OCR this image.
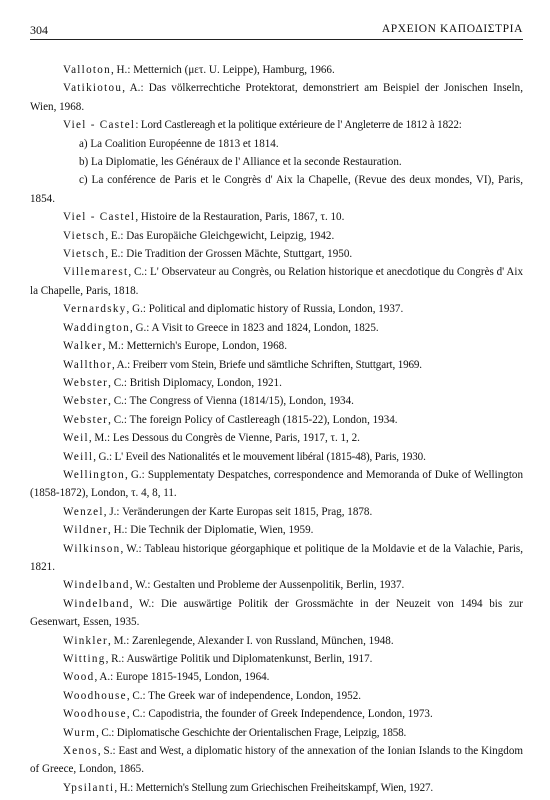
304	ΑΡΧΕΙΟΝ ΚΑΠΟΔΙΣΤΡΙΑ

Valloton, H.: Metternich (μετ. U. Leippe), Hamburg, 1966.

Vatikiotou, A.: Das völkerrechtiche Protektorat, demonstriert am Beispiel der Jonischen Inseln, Wien, 1968.

Viel - Castel: Lord Castlereagh et la politique extérieure de l' Angleterre de 1812 à 1822:

a) La Coalition Européenne de 1813 et 1814.

b) La Diplomatie, les Généraux de l' Alliance et la seconde Restauration.

c) La conférence de Paris et le Congrès d' Aix la Chapelle, (Revue des deux mondes, VI), Paris, 1854.

Viel - Castel, Histoire de la Restauration, Paris, 1867, τ. 10.

Vietsch, E.: Das Europäiche Gleichgewicht, Leipzig, 1942.

Vietsch, E.: Die Tradition der Grossen Mächte, Stuttgart, 1950.

Villemarest, C.: L' Observateur au Congrès, ou Relation historique et anecdotique du Congrès d' Aix la Chapelle, Paris, 1818.

Vernardsky, G.: Political and diplomatic history of Russia, London, 1937.

Waddington, G.: A Visit to Greece in 1823 and 1824, London, 1825.

Walker, M.: Metternich's Europe, London, 1968.

Wallthor, A.: Freiberr vom Stein, Briefe und sämtliche Schriften, Stuttgart, 1969.

Webster, C.: British Diplomacy, London, 1921.

Webster, C.: The Congress of Vienna (1814/15), London, 1934.

Webster, C.: The foreign Policy of Castlereagh (1815-22), London, 1934.

Weil, M.: Les Dessous du Congrès de Vienne, Paris, 1917, τ. 1, 2.

Weill, G.: L' Eveil des Nationalités et le mouvement libéral (1815-48), Paris, 1930.

Wellington, G.: Supplementaty Despatches, correspondence and Memoranda of Duke of Wellington (1858-1872), London, τ. 4, 8, 11.

Wenzel, J.: Veränderungen der Karte Europas seit 1815, Prag, 1878.

Wildner, H.: Die Technik der Diplomatie, Wien, 1959.

Wilkinson, W.: Tableau historique géorgaphique et politique de la Moldavie et de la Valachie, Paris, 1821.

Windelband, W.: Gestalten und Probleme der Aussenpolitik, Berlin, 1937.

Windelband, W.: Die auswärtige Politik der Grossmächte in der Neuzeit von 1494 bis zur Gesenwart, Essen, 1935.

Winkler, M.: Zarenlegende, Alexander I. von Russland, München, 1948.

Witting, R.: Auswärtige Politik und Diplomatenkunst, Berlin, 1917.

Wood, A.: Europe 1815-1945, London, 1964.

Woodhouse, C.: The Greek war of independence, London, 1952.

Woodhouse, C.: Capodistria, the founder of Greek Independence, London, 1973.

Wurm, C.: Diplomatische Geschichte der Orientalischen Frage, Leipzig, 1858.

Xenos, S.: East and West, a diplomatic history of the annexation of the Ionian Islands to the Kingdom of Greece, London, 1865.

Ypsilanti, H.: Metternich's Stellung zum Griechischen Freiheitskampf, Wien, 1927.
